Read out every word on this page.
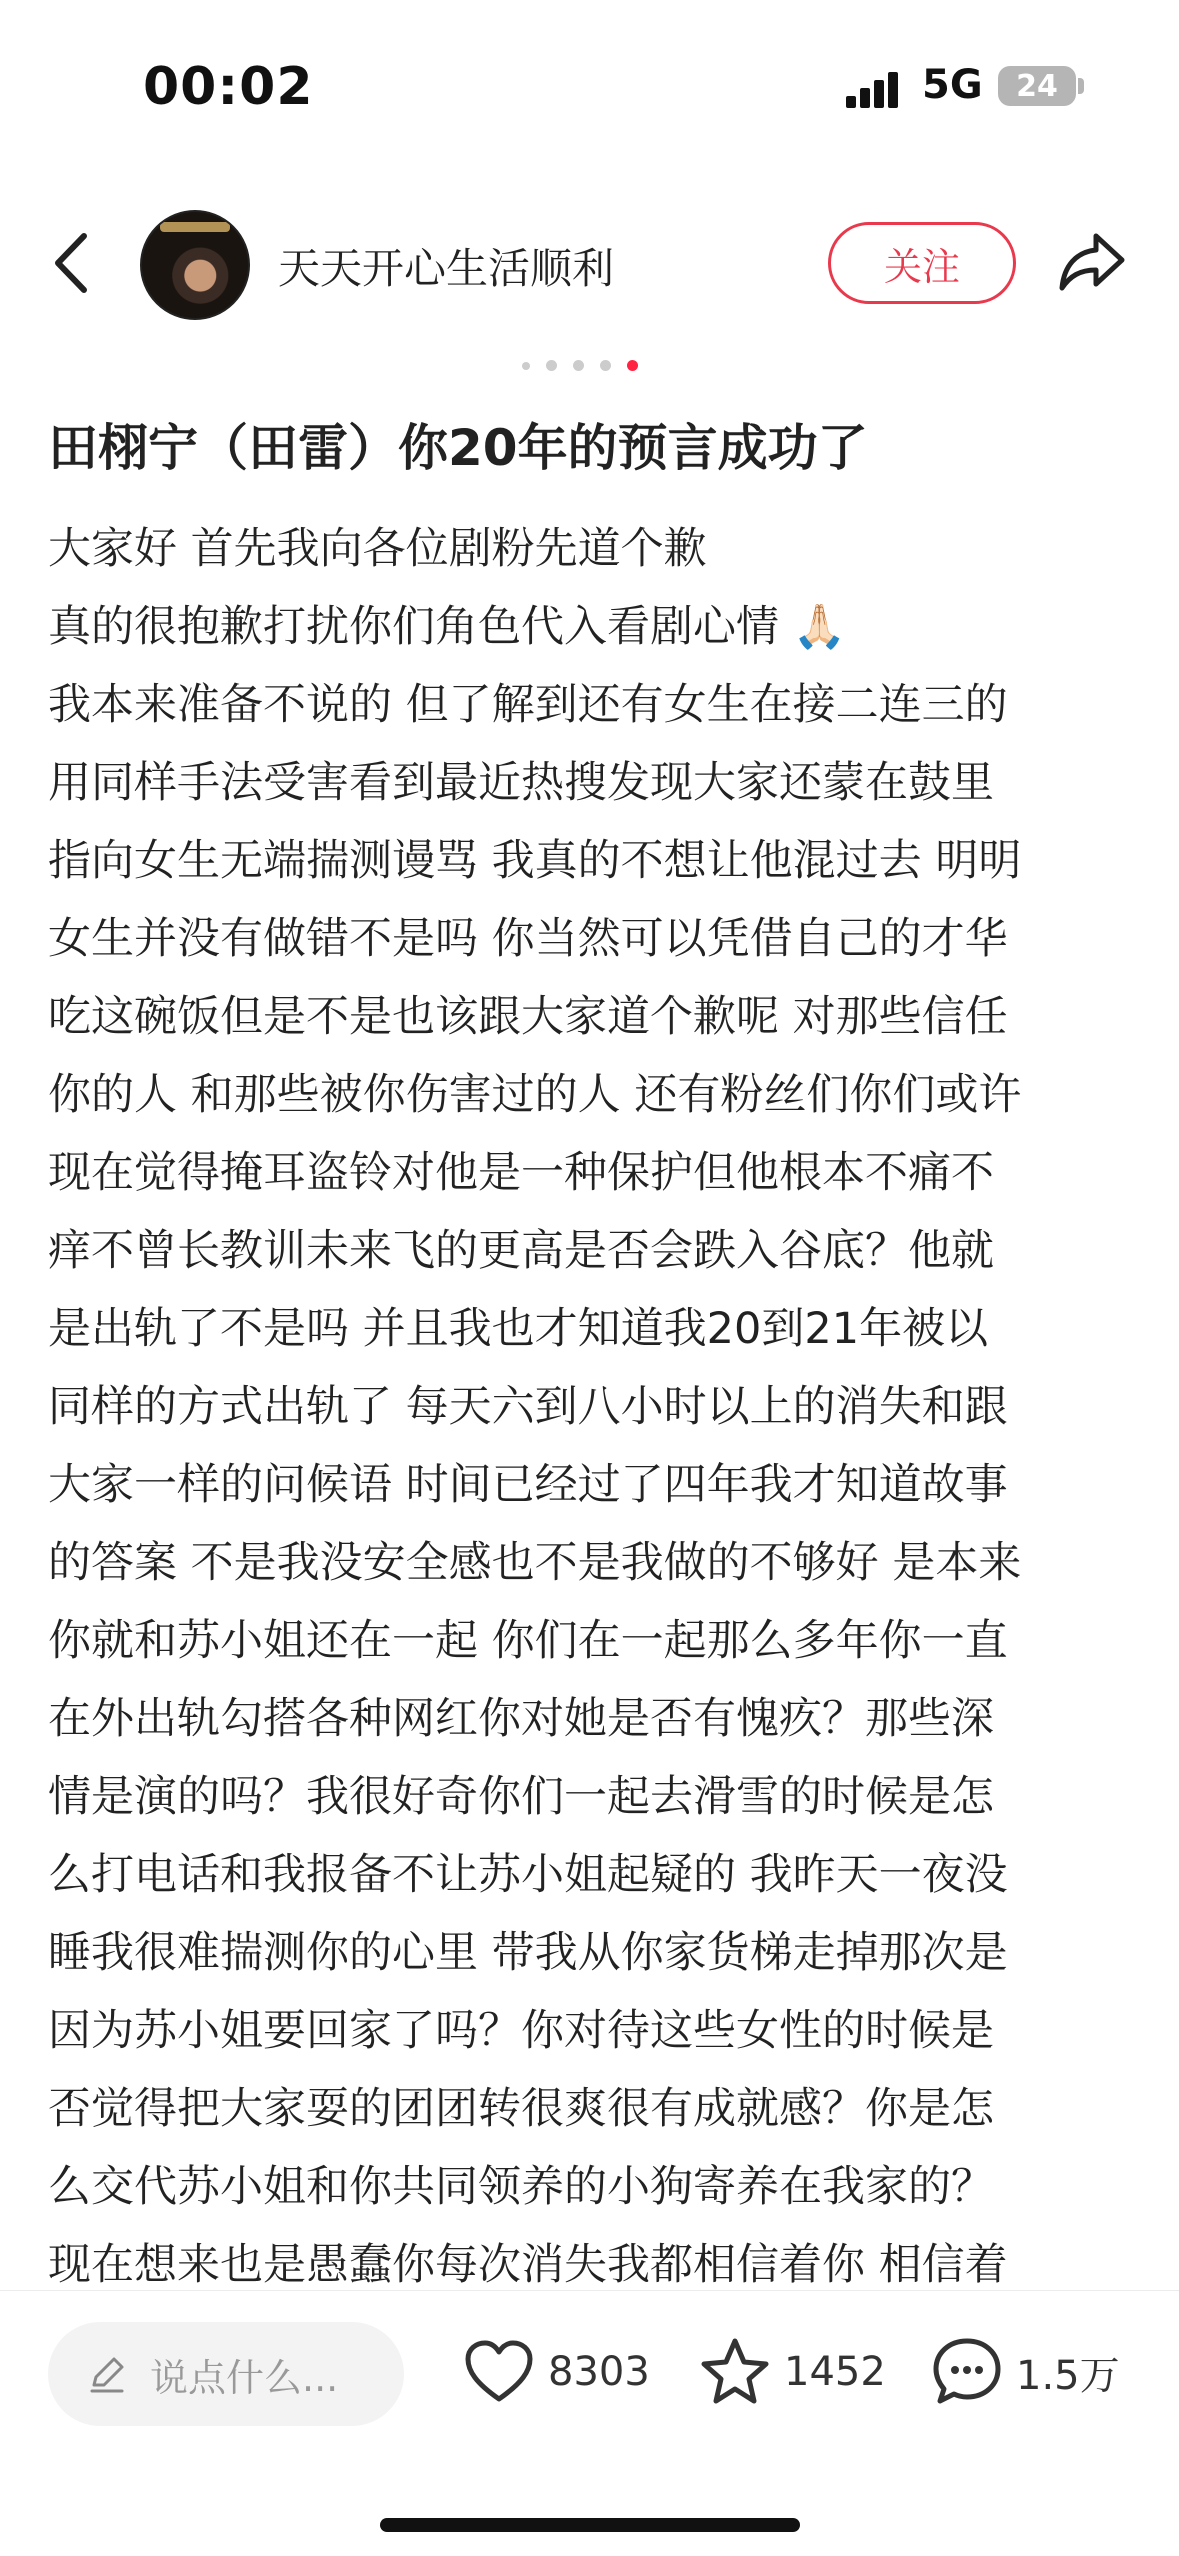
00:02	5G 24
天天开心生活顺利	关注
田栩宁（田雷）你20年的预言成功了
大家好 首先我向各位剧粉先道个歉
真的很抱歉打扰你们角色代入看剧心情 🙏🏻
我本来准备不说的 但了解到还有女生在接二连三的
用同样手法受害看到最近热搜发现大家还蒙在鼓里
指向女生无端揣测谩骂 我真的不想让他混过去 明明
女生并没有做错不是吗 你当然可以凭借自己的才华
吃这碗饭但是不是也该跟大家道个歉呢 对那些信任
你的人 和那些被你伤害过的人 还有粉丝们你们或许
现在觉得掩耳盗铃对他是一种保护但他根本不痛不
痒不曾长教训未来飞的更高是否会跌入谷底？他就
是出轨了不是吗 并且我也才知道我20到21年被以
同样的方式出轨了 每天六到八小时以上的消失和跟
大家一样的问候语 时间已经过了四年我才知道故事
的答案 不是我没安全感也不是我做的不够好 是本来
你就和苏小姐还在一起 你们在一起那么多年你一直
在外出轨勾搭各种网红你对她是否有愧疚？那些深
情是演的吗？我很好奇你们一起去滑雪的时候是怎
么打电话和我报备不让苏小姐起疑的 我昨天一夜没
睡我很难揣测你的心里 带我从你家货梯走掉那次是
因为苏小姐要回家了吗？你对待这些女性的时候是
否觉得把大家耍的团团转很爽很有成就感？你是怎
么交代苏小姐和你共同领养的小狗寄养在我家的？
现在想来也是愚蠢你每次消失我都相信着你 相信着
说点什么...	8303	1452	1.5万
